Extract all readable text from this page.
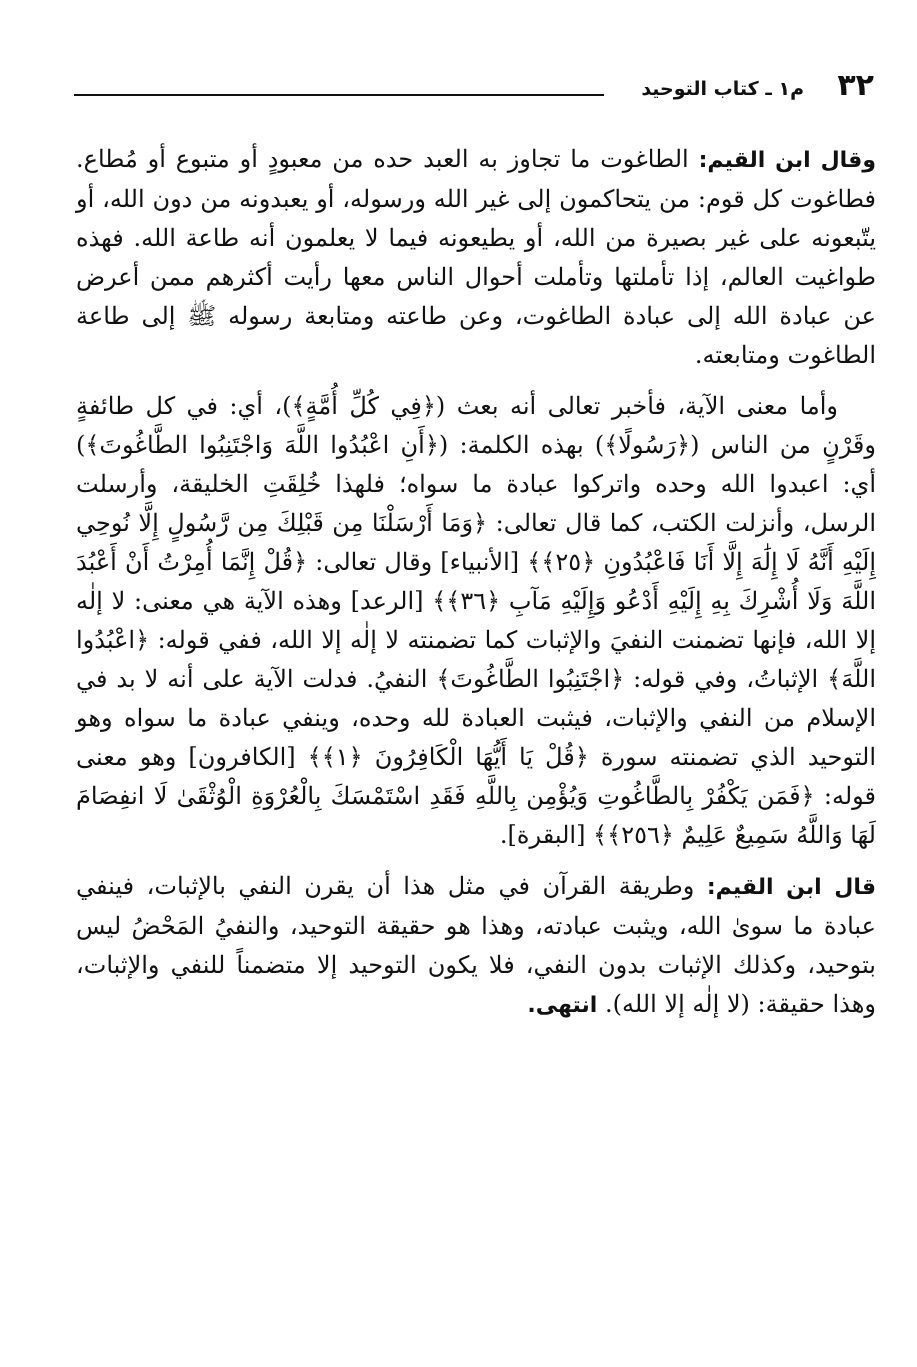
٣٢
م١ ـ كتاب التوحيد

وقال ابن القيم: الطاغوت ما تجاوز به العبد حده من معبودٍ أو متبوع أو مُطاع. فطاغوت كل قوم: من يتحاكمون إلى غير الله ورسوله، أو يعبدونه من دون الله، أو يتّبعونه على غير بصيرة من الله، أو يطيعونه فيما لا يعلمون أنه طاعة الله. فهذه طواغيت العالم، إذا تأملتها وتأملت أحوال الناس معها رأيت أكثرهم ممن أعرض عن عبادة الله إلى عبادة الطاغوت، وعن طاعته ومتابعة رسوله ﷺ إلى طاعة الطاغوت ومتابعته.

وأما معنى الآية، فأخبر تعالى أنه بعث (﴿فِي كُلِّ أُمَّةٍ﴾)، أي: في كل طائفةٍ وقَرْنٍ من الناس (﴿رَسُولًا﴾) بهذه الكلمة: (﴿أَنِ اعْبُدُوا اللَّهَ وَاجْتَنِبُوا الطَّاغُوتَ﴾) أي: اعبدوا الله وحده واتركوا عبادة ما سواه؛ فلهذا خُلِقَتِ الخليقة، وأرسلت الرسل، وأنزلت الكتب، كما قال تعالى: ﴿وَمَا أَرْسَلْنَا مِن قَبْلِكَ مِن رَّسُولٍ إِلَّا نُوحِي إِلَيْهِ أَنَّهُ لَا إِلَٰهَ إِلَّا أَنَا فَاعْبُدُونِ ﴿٢٥﴾﴾ [الأنبياء] وقال تعالى: ﴿قُلْ إِنَّمَا أُمِرْتُ أَنْ أَعْبُدَ اللَّهَ وَلَا أُشْرِكَ بِهِ إِلَيْهِ أَدْعُو وَإِلَيْهِ مَآبِ ﴿٣٦﴾﴾ [الرعد] وهذه الآية هي معنى: لا إلٰه إلا الله، فإنها تضمنت النفيَ والإثبات كما تضمنته لا إلٰه إلا الله، ففي قوله: ﴿اعْبُدُوا اللَّهَ﴾ الإثباتُ، وفي قوله: ﴿اجْتَنِبُوا الطَّاغُوتَ﴾ النفيُ. فدلت الآية على أنه لا بد في الإسلام من النفي والإثبات، فيثبت العبادة لله وحده، وينفي عبادة ما سواه وهو التوحيد الذي تضمنته سورة ﴿قُلْ يَا أَيُّهَا الْكَافِرُونَ ﴿١﴾﴾ [الكافرون] وهو معنى قوله: ﴿فَمَن يَكْفُرْ بِالطَّاغُوتِ وَيُؤْمِن بِاللَّهِ فَقَدِ اسْتَمْسَكَ بِالْعُرْوَةِ الْوُثْقَىٰ لَا انفِصَامَ لَهَا وَاللَّهُ سَمِيعٌ عَلِيمٌ ﴿٢٥٦﴾﴾ [البقرة].

قال ابن القيم: وطريقة القرآن في مثل هذا أن يقرن النفي بالإثبات، فينفي عبادة ما سوىٰ الله، ويثبت عبادته، وهذا هو حقيقة التوحيد، والنفيُ المَحْضُ ليس بتوحيد، وكذلك الإثبات بدون النفي، فلا يكون التوحيد إلا متضمناً للنفي والإثبات، وهذا حقيقة: (لا إلٰه إلا الله). انتهى.
